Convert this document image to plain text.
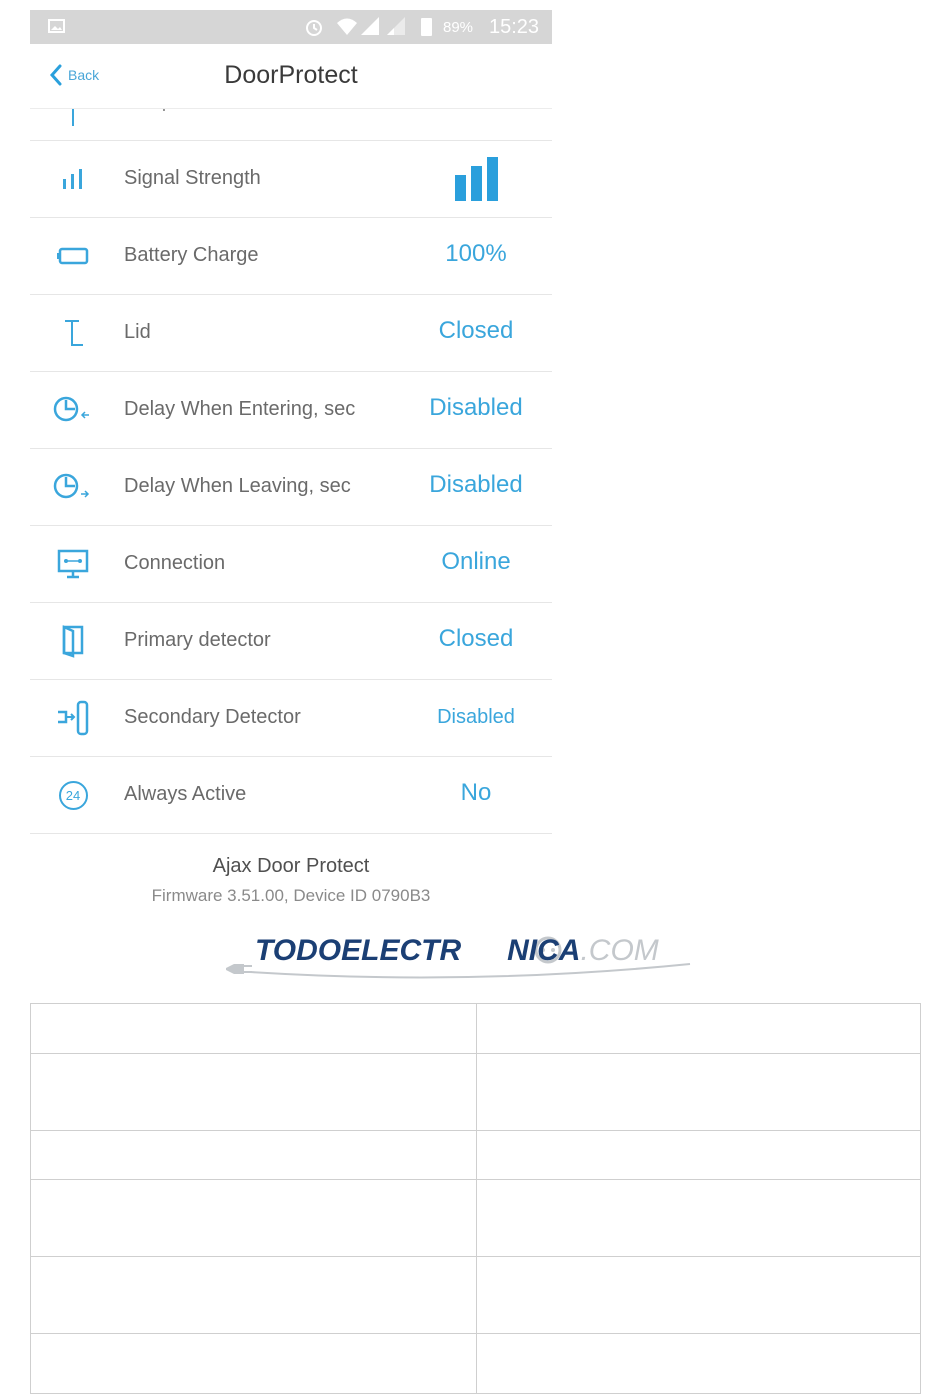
89% 15:23
Back	DoorProtect
Signal Strength
Battery Charge	100%
Lid	Closed
Delay When Entering, sec	Disabled
Delay When Leaving, sec	Disabled
Connection	Online
Primary detector	Closed
Secondary Detector	Disabled
24	Always Active	No
Ajax Door Protect
Firmware 3.51.00, Device ID 0790B3
TODOELECTR NICA.COM
